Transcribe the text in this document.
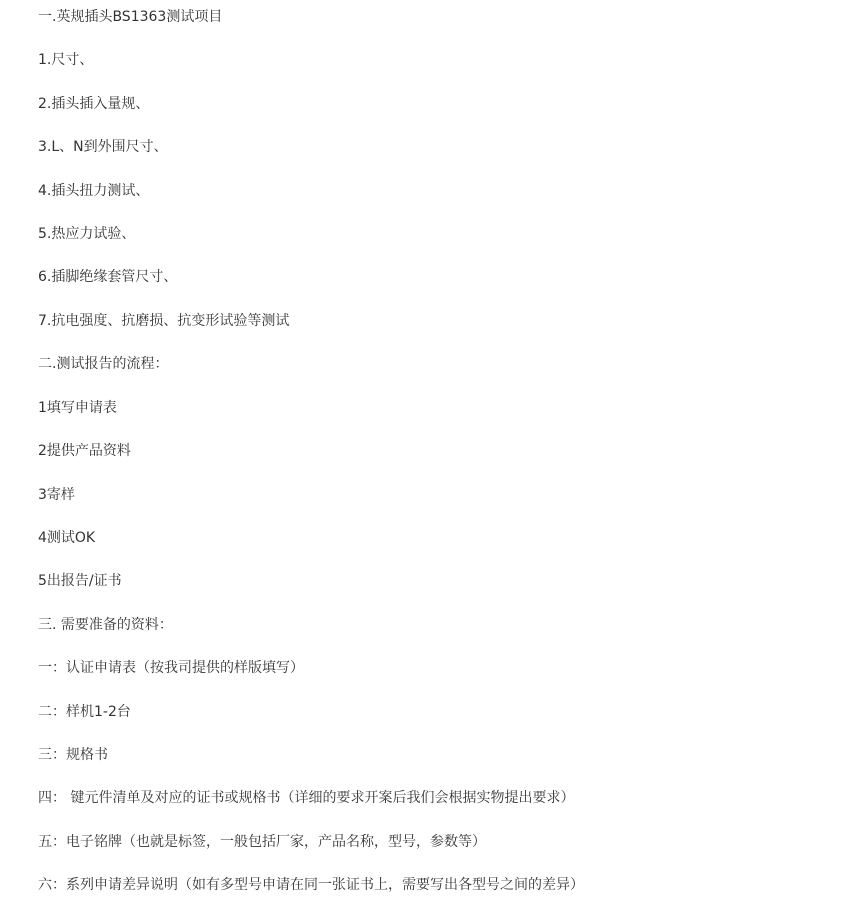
一.英规插头BS1363测试项目
1.尺寸、
2.插头插入量规、
3.L、N到外围尺寸、
4.插头扭力测试、
5.热应力试验、
6.插脚绝缘套管尺寸、
7.抗电强度、抗磨损、抗变形试验等测试
二.测试报告的流程：
1填写申请表
2提供产品资料
3寄样
4测试OK
5出报告/证书
三. 需要准备的资料：
一：认证申请表（按我司提供的样版填写）
二：样机1-2台
三：规格书
四： 键元件清单及对应的证书或规格书（详细的要求开案后我们会根据实物提出要求）
五：电子铭牌（也就是标签，一般包括厂家，产品名称，型号，参数等）
六：系列申请差异说明（如有多型号申请在同一张证书上，需要写出各型号之间的差异）
